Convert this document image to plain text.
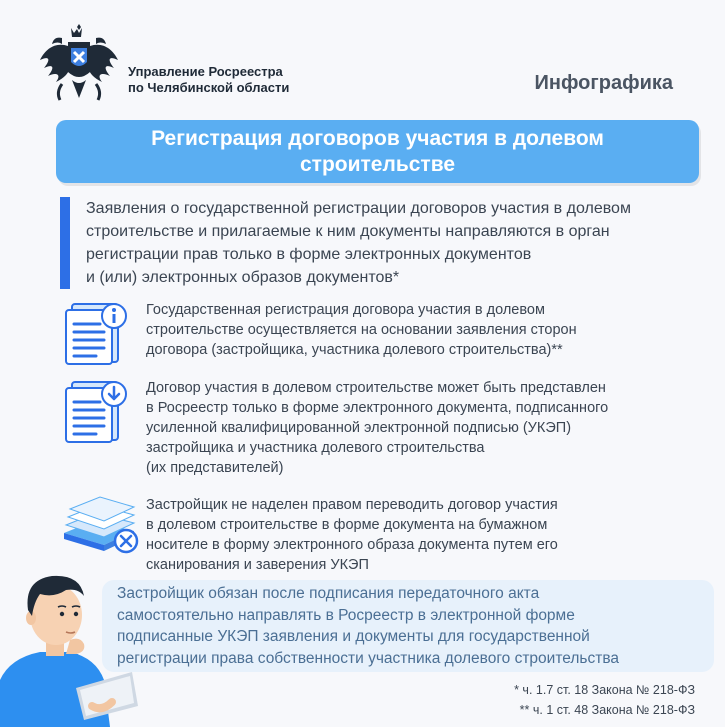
Управление Росреестра
по Челябинской области	Инфографика
Регистрация договоров участия в долевом
строительстве
Заявления о государственной регистрации договоров участия в долевом
строительстве и прилагаемые к ним документы направляются в орган
регистрации прав только в форме электронных документов
и (или) электронных образов документов*
Государственная регистрация договора участия в долевом
строительстве осуществляется на основании заявления сторон
договора (застройщика, участника долевого строительства)**
Договор участия в долевом строительстве может быть представлен
в Росреестр только в форме электронного документа, подписанного
усиленной квалифицированной электронной подписью (УКЭП)
застройщика и участника долевого строительства
(их представителей)
Застройщик не наделен правом переводить договор участия
в долевом строительстве в форме документа на бумажном
носителе в форму электронного образа документа путем его
сканирования и заверения УКЭП
Застройщик обязан после подписания передаточного акта
самостоятельно направлять в Росреестр в электронной форме
подписанные УКЭП заявления и документы для государственной
регистрации права собственности участника долевого строительства
* ч. 1.7 ст. 18 Закона № 218-ФЗ
** ч. 1 ст. 48 Закона № 218-ФЗ
